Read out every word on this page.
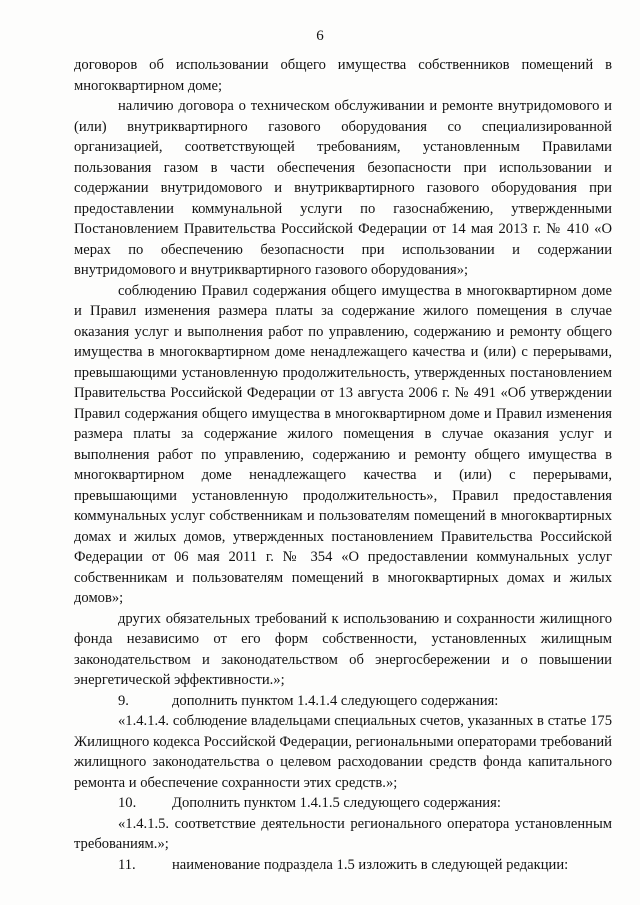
6

договоров об использовании общего имущества собственников помещений в многоквартирном доме;

наличию договора о техническом обслуживании и ремонте внутридомового и (или) внутриквартирного газового оборудования со специализированной организацией, соответствующей требованиям, установленным Правилами пользования газом в части обеспечения безопасности при использовании и содержании внутридомового и внутриквартирного газового оборудования при предоставлении коммунальной услуги по газоснабжению, утвержденными Постановлением Правительства Российской Федерации от 14 мая 2013 г. № 410 «О мерах по обеспечению безопасности при использовании и содержании внутридомового и внутриквартирного газового оборудования»;

соблюдению Правил содержания общего имущества в многоквартирном доме и Правил изменения размера платы за содержание жилого помещения в случае оказания услуг и выполнения работ по управлению, содержанию и ремонту общего имущества в многоквартирном доме ненадлежащего качества и (или) с перерывами, превышающими установленную продолжительность, утвержденных постановлением Правительства Российской Федерации от 13 августа 2006 г. № 491 «Об утверждении Правил содержания общего имущества в многоквартирном доме и Правил изменения размера платы за содержание жилого помещения в случае оказания услуг и выполнения работ по управлению, содержанию и ремонту общего имущества в многоквартирном доме ненадлежащего качества и (или) с перерывами, превышающими установленную продолжительность», Правил предоставления коммунальных услуг собственникам и пользователям помещений в многоквартирных домах и жилых домов, утвержденных постановлением Правительства Российской Федерации от 06 мая 2011 г. № 354 «О предоставлении коммунальных услуг собственникам и пользователям помещений в многоквартирных домах и жилых домов»;

других обязательных требований к использованию и сохранности жилищного фонда независимо от его форм собственности, установленных жилищным законодательством и законодательством об энергосбережении и о повышении энергетической эффективности.»;

9.	дополнить пунктом 1.4.1.4 следующего содержания:

«1.4.1.4. соблюдение владельцами специальных счетов, указанных в статье 175 Жилищного кодекса Российской Федерации, региональными операторами требований жилищного законодательства о целевом расходовании средств фонда капитального ремонта и обеспечение сохранности этих средств.»;

10.	Дополнить пунктом 1.4.1.5 следующего содержания:

«1.4.1.5. соответствие деятельности регионального оператора установленным требованиям.»;

11.	наименование подраздела 1.5 изложить в следующей редакции:
